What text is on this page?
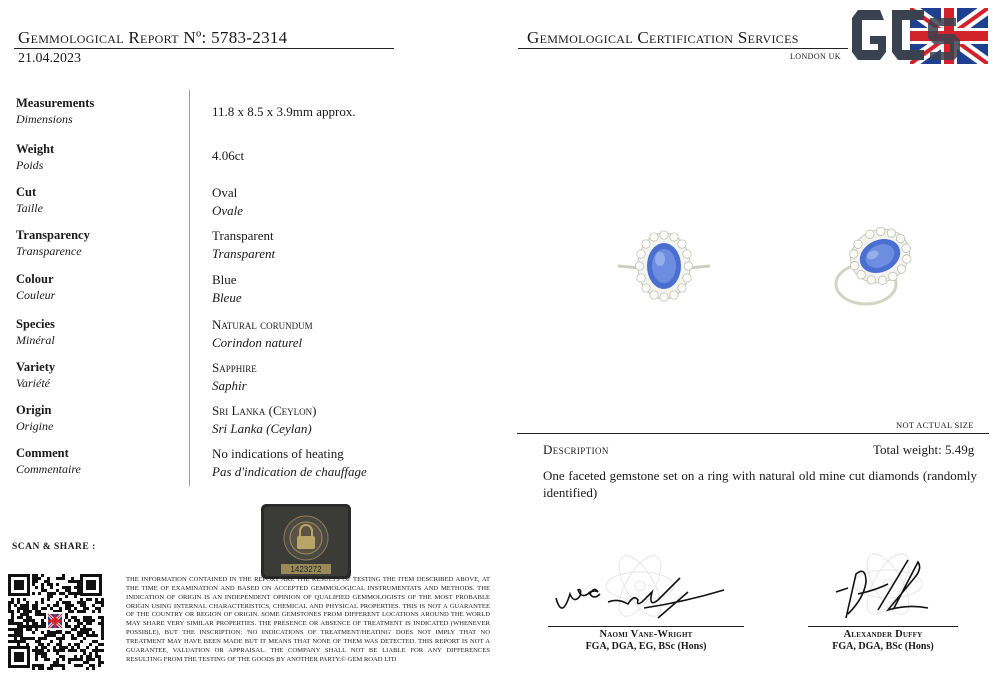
Gemmological Report Nº: 5783-2314
21.04.2023
Gemmological Certification Services
LONDON UK
Measurements
Dimensions	11.8 x 8.5 x 3.9mm approx.
Weight
Poids
4.06ct
Cut
Taille
Oval
Ovale
Transparency
Transparence
Transparent
Transparent
Colour
Couleur
Blue
Bleue
Species
Minéral
Natural corundum
Corindon naturel
Variety
Variété
Sapphire
Saphir
Origin
Origine
Sri Lanka (Ceylon)
Sri Lanka (Ceylan)
Comment
Commentaire
No indications of heating
Pas d'indication de chauffage
NOT ACTUAL SIZE
Description	Total weight: 5.49g
One faceted gemstone set on a ring with natural old mine cut diamonds (randomly identified)
SCAN & SHARE :
1423272
THE INFORMATION CONTAINED IN THE REPORT ARE THE RESULTS OF TESTING THE ITEM DESCRIBED ABOVE, AT THE TIME OF EXAMINATION AND BASED ON ACCEPTED GEMMOLOGICAL INSTRUMENTATS AND METHODS. THE INDICATION OF ORIGIN IS AN INDEPENDENT OPINION OF QUALIFIED GEMMOLOGISTS OF THE MOST PROBABLE ORIGIN USING INTERNAL CHARACTERISTICS, CHEMICAL AND PHYSICAL PROPERTIES. THIS IS NOT A GUARANTEE OF THE COUNTRY OR REGION OF ORIGIN. SOME GEMSTONES FROM DIFFERENT LOCATIONS AROUND THE WORLD MAY SHARE VERY SIMILAR PROPERTIES. THE PRESENCE OR ABSENCE OF TREATMENT IS INDICATED (WHENEVER POSSIBLE), BUT THE INSCRIPTION: 'NO INDICATIONS OF TREATMENT/HEATING' DOES NOT IMPLY THAT NO TREATMENT MAY HAVE BEEN MADE BUT IT MEANS THAT NONE OF THEM WAS DETECTED. THIS REPORT IS NOT A GUARANTEE, VALUATION OR APPRAISAL. THE COMPANY SHALL NOT BE LIABLE FOR ANY DIFFERENCES RESULTING FROM THE TESTING OF THE GOODS BY ANOTHER PARTY.© GEM ROAD LTD
Naomi Vane-Wright
FGA, DGA, EG, BSc (Hons)
Alexander Duffy
FGA, DGA, BSc (Hons)
